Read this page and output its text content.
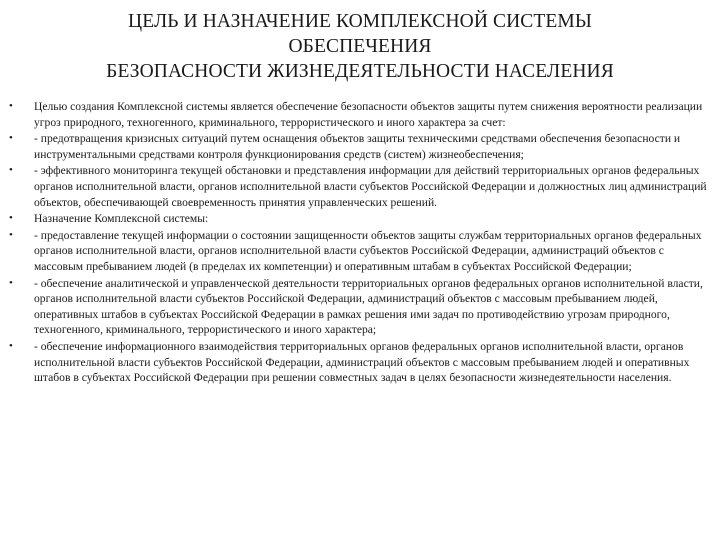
ЦЕЛЬ И НАЗНАЧЕНИЕ КОМПЛЕКСНОЙ СИСТЕМЫ
ОБЕСПЕЧЕНИЯ
БЕЗОПАСНОСТИ ЖИЗНЕДЕЯТЕЛЬНОСТИ НАСЕЛЕНИЯ
• Целью создания Комплексной системы является обеспечение безопасности объектов защиты путем снижения вероятности реализации угроз природного, техногенного, криминального, террористического и иного характера за счет:
• - предотвращения кризисных ситуаций путем оснащения объектов защиты техническими средствами обеспечения безопасности и инструментальными средствами контроля функционирования средств (систем) жизнеобеспечения;
• - эффективного мониторинга текущей обстановки и представления информации для действий территориальных органов федеральных органов исполнительной власти, органов исполнительной власти субъектов Российской Федерации и должностных лиц администраций объектов, обеспечивающей своевременность принятия управленческих решений.
• Назначение Комплексной системы:
• - предоставление текущей информации о состоянии защищенности объектов защиты службам территориальных органов федеральных органов исполнительной власти, органов исполнительной власти субъектов Российской Федерации, администраций объектов с массовым пребыванием людей (в пределах их компетенции) и оперативным штабам в субъектах Российской Федерации;
• - обеспечение аналитической и управленческой деятельности территориальных органов федеральных органов исполнительной власти, органов исполнительной власти субъектов Российской Федерации, администраций объектов с массовым пребыванием людей, оперативных штабов в субъектах Российской Федерации в рамках решения ими задач по противодействию угрозам природного, техногенного, криминального, террористического и иного характера;
• - обеспечение информационного взаимодействия территориальных органов федеральных органов исполнительной власти, органов исполнительной власти субъектов Российской Федерации, администраций объектов с массовым пребыванием людей и оперативных штабов в субъектах Российской Федерации при решении совместных задач в целях безопасности жизнедеятельности населения.
